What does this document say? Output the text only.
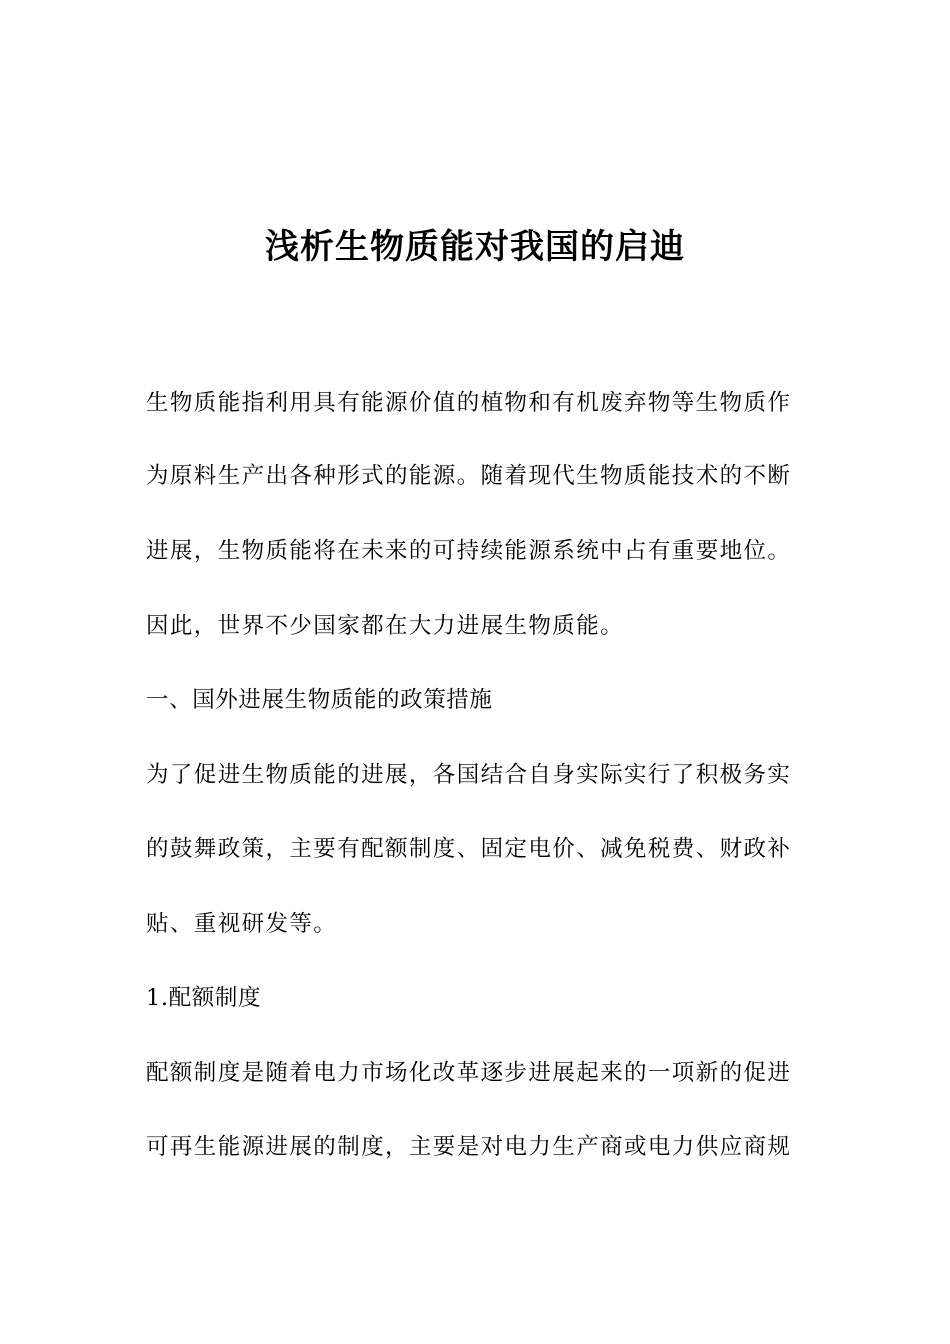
浅析生物质能对我国的启迪
生物质能指利用具有能源价值的植物和有机废弃物等生物质作
为原料生产出各种形式的能源。随着现代生物质能技术的不断
进展，生物质能将在未来的可持续能源系统中占有重要地位。
因此，世界不少国家都在大力进展生物质能。
一、国外进展生物质能的政策措施
为了促进生物质能的进展，各国结合自身实际实行了积极务实
的鼓舞政策，主要有配额制度、固定电价、减免税费、财政补
贴、重视研发等。
1.配额制度
配额制度是随着电力市场化改革逐步进展起来的一项新的促进
可再生能源进展的制度，主要是对电力生产商或电力供应商规
